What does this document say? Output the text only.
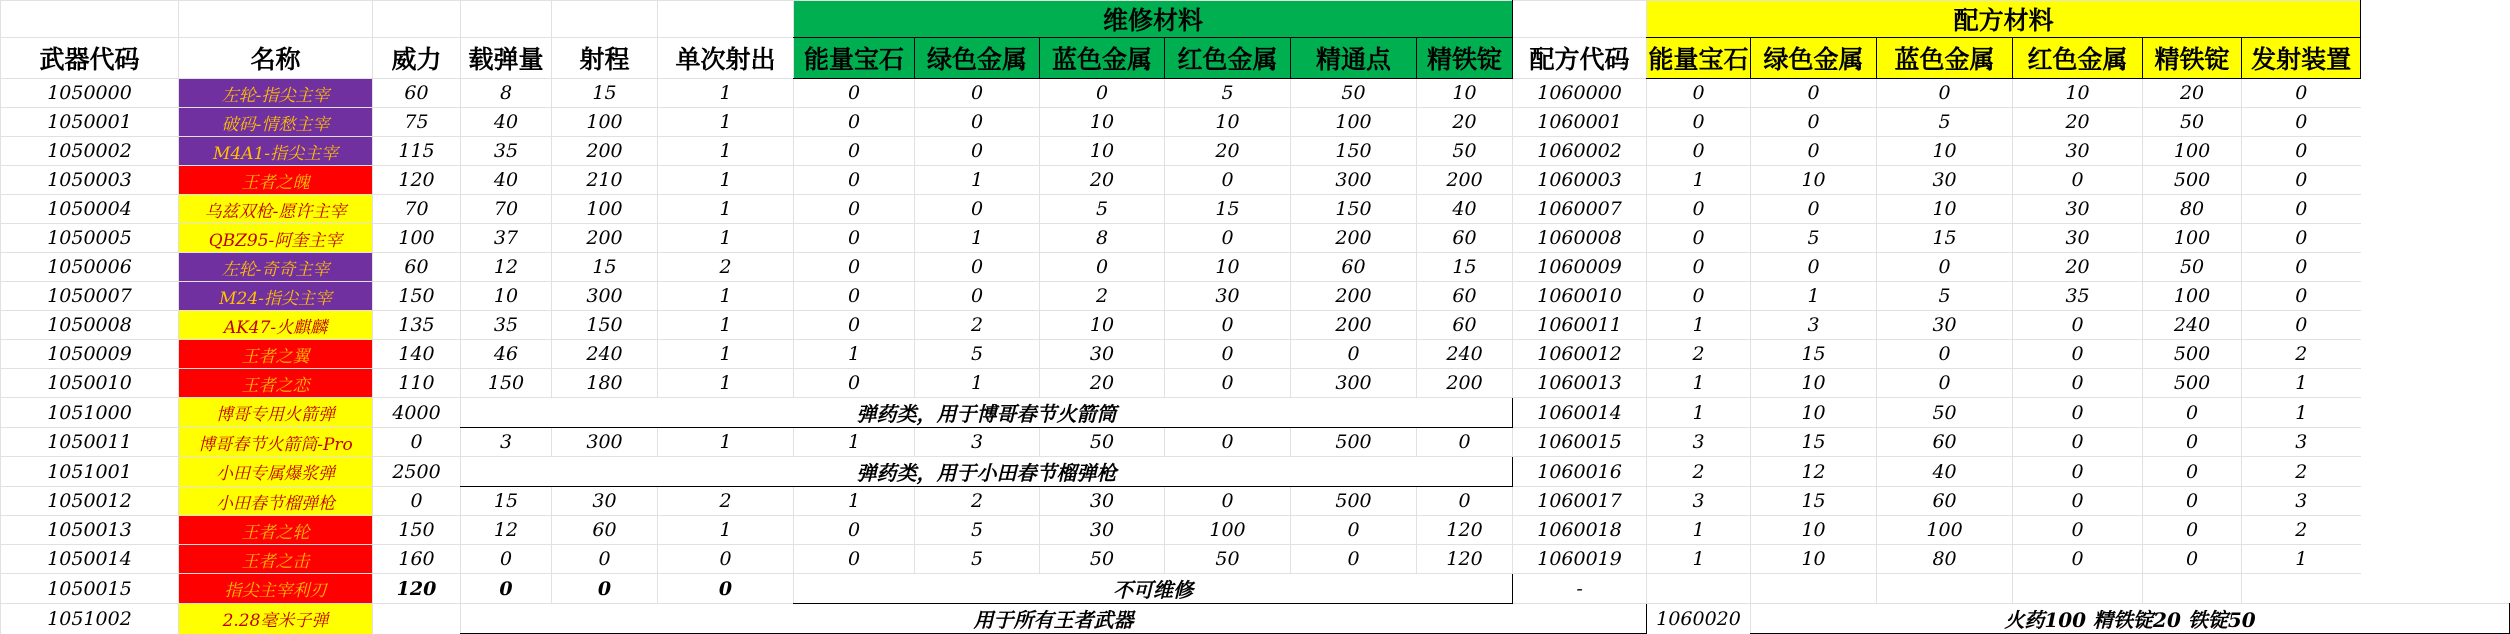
						维修材料							配方材料					
武器代码	名称	威力	载弹量	射程	单次射出	能量宝石	绿色金属	蓝色金属	红色金属	精通点	精铁锭	配方代码	能量宝石	绿色金属	蓝色金属	红色金属	精铁锭	发射装置
1050000	左轮-指尖主宰	60	8	15	1	0	0	0	5	50	10	1060000	0	0	0	10	20	0
1050001	破码-情愁主宰	75	40	100	1	0	0	10	10	100	20	1060001	0	0	5	20	50	0
1050002	M4A1-指尖主宰	115	35	200	1	0	0	10	20	150	50	1060002	0	0	10	30	100	0
1050003	王者之魄	120	40	210	1	0	1	20	0	300	200	1060003	1	10	30	0	500	0
1050004	乌兹双枪-愿许主宰	70	70	100	1	0	0	5	15	150	40	1060007	0	0	10	30	80	0
1050005	QBZ95-阿奎主宰	100	37	200	1	0	1	8	0	200	60	1060008	0	5	15	30	100	0
1050006	左轮-奇奇主宰	60	12	15	2	0	0	0	10	60	15	1060009	0	0	0	20	50	0
1050007	M24-指尖主宰	150	10	300	1	0	0	2	30	200	60	1060010	0	1	5	35	100	0
1050008	AK47-火麒麟	135	35	150	1	0	2	10	0	200	60	1060011	1	3	30	0	240	0
1050009	王者之翼	140	46	240	1	1	5	30	0	0	240	1060012	2	15	0	0	500	2
1050010	王者之恋	110	150	180	1	0	1	20	0	300	200	1060013	1	10	0	0	500	1
1051000	博哥专用火箭弹	4000	弹药类，用于博哥春节火箭筒									1060014	1	10	50	0	0	1
1050011	博哥春节火箭筒-Pro	0	3	300	1	1	3	50	0	500	0	1060015	3	15	60	0	0	3
1051001	小田专属爆浆弹	2500	弹药类，用于小田春节榴弹枪									1060016	2	12	40	0	0	2
1050012	小田春节榴弹枪	0	15	30	2	1	2	30	0	500	0	1060017	3	15	60	0	0	3
1050013	王者之轮	150	12	60	1	0	5	30	100	0	120	1060018	1	10	100	0	0	2
1050014	王者之击	160	0	0	0	0	5	50	50	0	120	1060019	1	10	80	0	0	1
1050015	指尖主宰利刃	120	0	0	0	不可维修						-						
1051002	2.28毫米子弹		用于所有王者武器										1060020	火药100 精铁锭20 铁锭50				
